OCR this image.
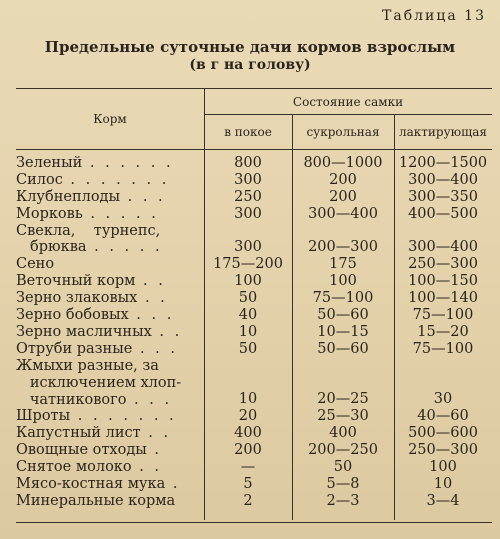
Таблица 13
Предельные суточные дачи кормов взрослым
(в г на голову)
Корм
Состояние самки
в покое	сукрольная	лактирующая
Зеленый . . . . . .	800	800—1000	1200—1500
Силос . . . . . . .	300	200	300—400
Клубнеплоды . . .	250	200	300—350
Морковь . . . . .	300	300—400	400—500
Свекла,    турнепс,
брюква . . . . .	300	200—300	300—400
Сено	175—200	175	250—300
Веточный корм . .	100	100	100—150
Зерно злаковых . .	50	75—100	100—140
Зерно бобовых . . .	40	50—60	75—100
Зерно масличных . .	10	10—15	15—20
Отруби разные . . .	50	50—60	75—100
Жмыхи разные, за
исключением хлоп-
чатникового . . .	10	20—25	30
Шроты . . . . . . .	20	25—30	40—60
Капустный лист . .	400	400	500—600
Овощные отходы .	200	200—250	250—300
Снятое молоко . .	—	50	100
Мясо-костная мука .	5	5—8	10
Минеральные корма	2	2—3	3—4
